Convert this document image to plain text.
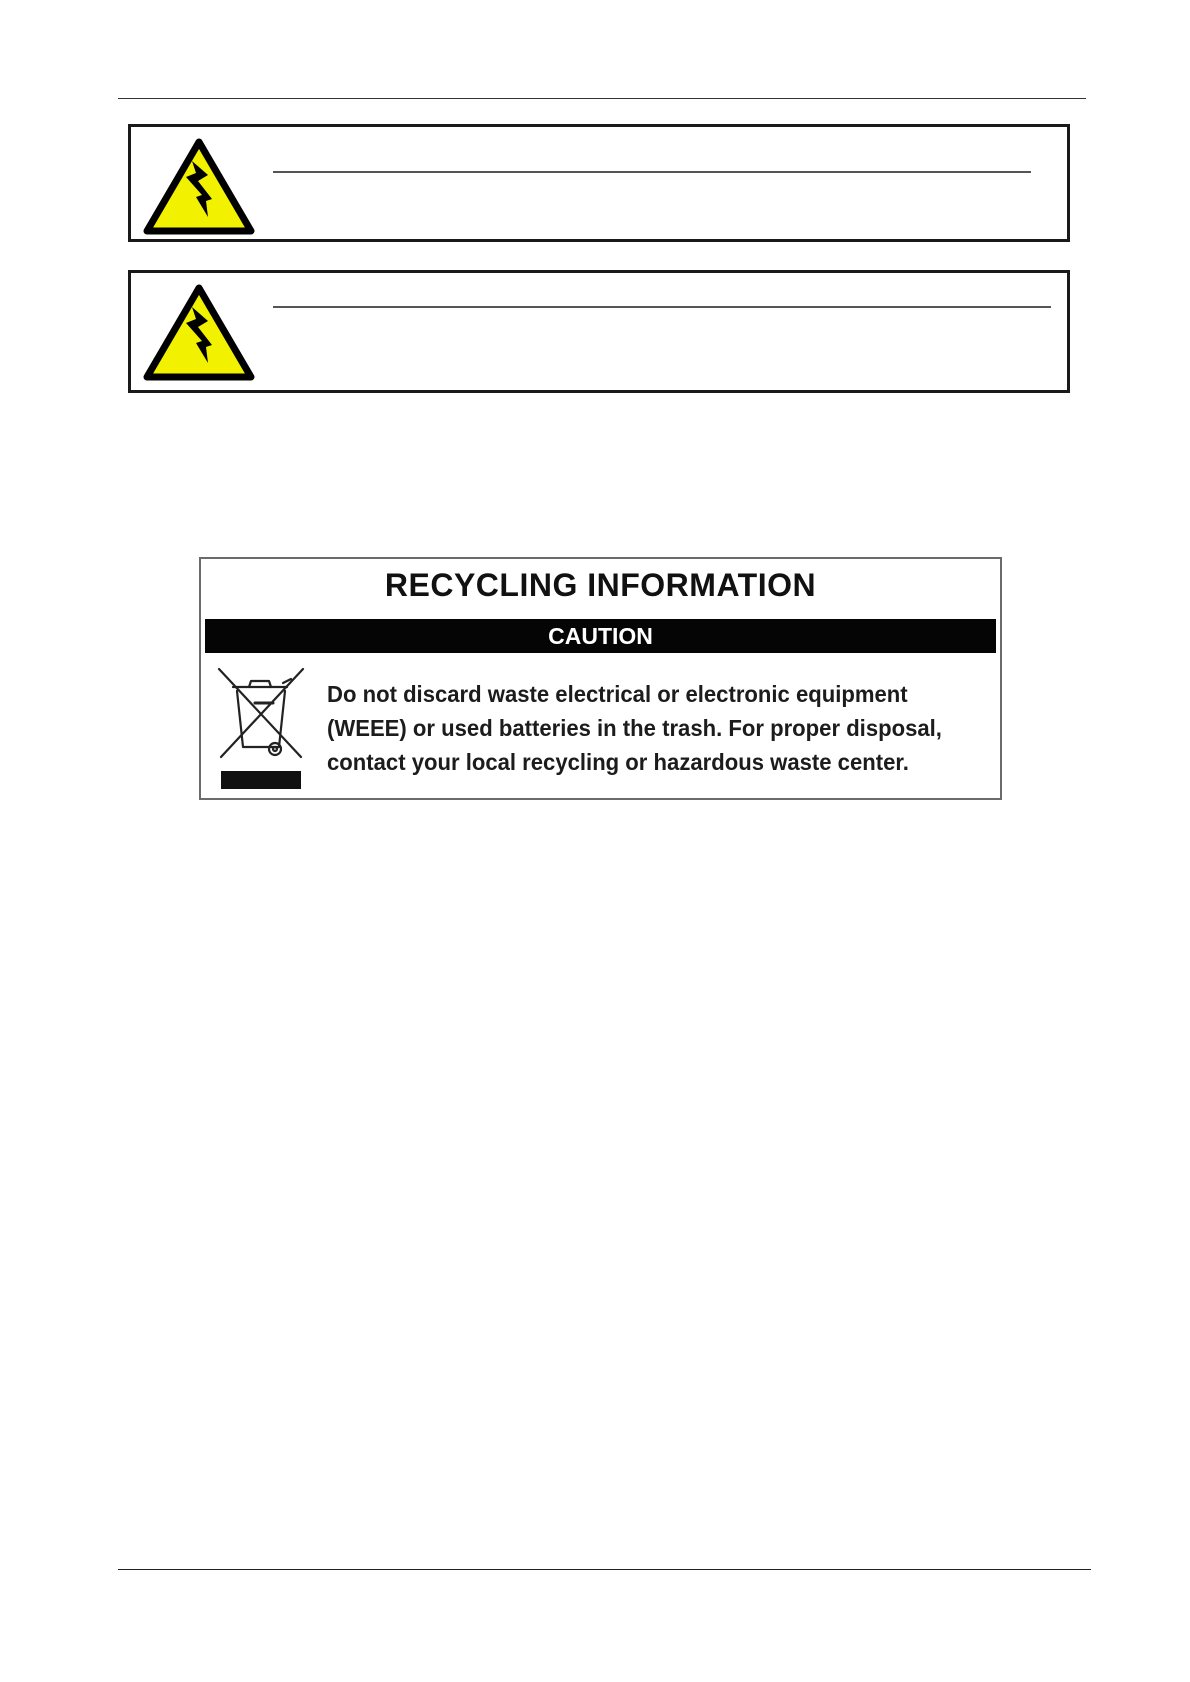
RECYCLING INFORMATION
CAUTION
Do not discard waste electrical or electronic equipment
(WEEE) or used batteries in the trash. For proper disposal,
contact your local recycling or hazardous waste center.
